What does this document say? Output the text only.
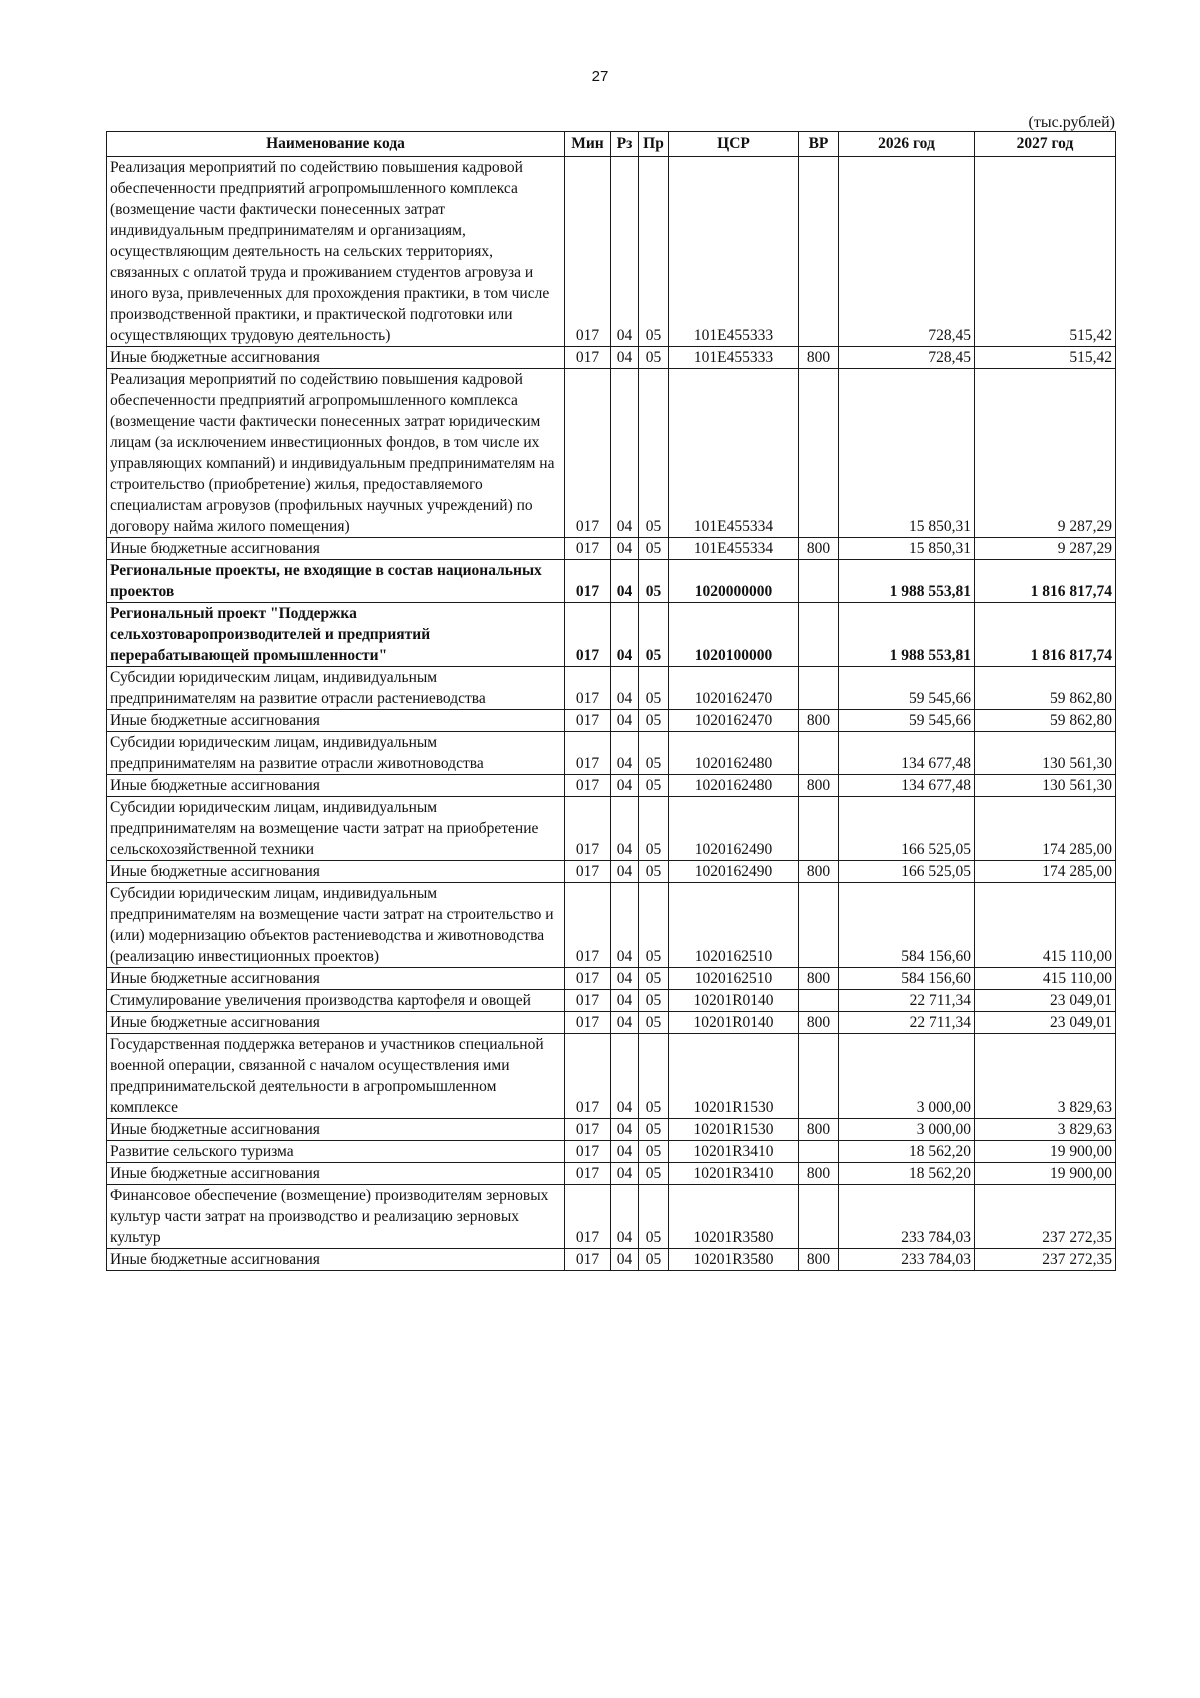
27
(тыс.рублей)
Наименование кода	Мин	Рз	Пр	ЦСР	ВР	2026 год	2027 год
Реализация мероприятий по содействию повышения кадровой обеспеченности предприятий агропромышленного комплекса (возмещение части фактически понесенных затрат индивидуальным предпринимателям и организациям, осуществляющим деятельность на сельских территориях, связанных с оплатой труда и проживанием студентов агровуза и иного вуза, привлеченных для прохождения практики, в том числе производственной практики, и практической подготовки или осуществляющих трудовую деятельность)	017	04	05	101Е455333		728,45	515,42
Иные бюджетные ассигнования	017	04	05	101Е455333	800	728,45	515,42
Реализация мероприятий по содействию повышения кадровой обеспеченности предприятий агропромышленного комплекса (возмещение части фактически понесенных затрат юридическим лицам (за исключением инвестиционных фондов, в том числе их управляющих компаний) и индивидуальным предпринимателям на строительство (приобретение) жилья, предоставляемого специалистам агровузов (профильных научных учреждений) по договору найма жилого помещения)	017	04	05	101Е455334		15 850,31	9 287,29
Иные бюджетные ассигнования	017	04	05	101Е455334	800	15 850,31	9 287,29
Региональные проекты, не входящие в состав национальных проектов	017	04	05	1020000000		1 988 553,81	1 816 817,74
Региональный проект "Поддержка сельхозтоваропроизводителей и предприятий перерабатывающей промышленности"	017	04	05	1020100000		1 988 553,81	1 816 817,74
Субсидии юридическим лицам, индивидуальным предпринимателям на развитие отрасли растениеводства	017	04	05	1020162470		59 545,66	59 862,80
Иные бюджетные ассигнования	017	04	05	1020162470	800	59 545,66	59 862,80
Субсидии юридическим лицам, индивидуальным предпринимателям на развитие отрасли животноводства	017	04	05	1020162480		134 677,48	130 561,30
Иные бюджетные ассигнования	017	04	05	1020162480	800	134 677,48	130 561,30
Субсидии юридическим лицам, индивидуальным предпринимателям на возмещение части затрат на приобретение сельскохозяйственной техники	017	04	05	1020162490		166 525,05	174 285,00
Иные бюджетные ассигнования	017	04	05	1020162490	800	166 525,05	174 285,00
Субсидии юридическим лицам, индивидуальным предпринимателям на возмещение части затрат на строительство и (или) модернизацию объектов растениеводства и животноводства (реализацию инвестиционных проектов)	017	04	05	1020162510		584 156,60	415 110,00
Иные бюджетные ассигнования	017	04	05	1020162510	800	584 156,60	415 110,00
Стимулирование увеличения производства картофеля и овощей	017	04	05	10201R0140		22 711,34	23 049,01
Иные бюджетные ассигнования	017	04	05	10201R0140	800	22 711,34	23 049,01
Государственная поддержка ветеранов и участников специальной военной операции, связанной с началом осуществления ими предпринимательской деятельности в агропромышленном комплексе	017	04	05	10201R1530		3 000,00	3 829,63
Иные бюджетные ассигнования	017	04	05	10201R1530	800	3 000,00	3 829,63
Развитие сельского туризма	017	04	05	10201R3410		18 562,20	19 900,00
Иные бюджетные ассигнования	017	04	05	10201R3410	800	18 562,20	19 900,00
Финансовое обеспечение (возмещение) производителям зерновых культур части затрат на производство и реализацию зерновых культур	017	04	05	10201R3580		233 784,03	237 272,35
Иные бюджетные ассигнования	017	04	05	10201R3580	800	233 784,03	237 272,35
